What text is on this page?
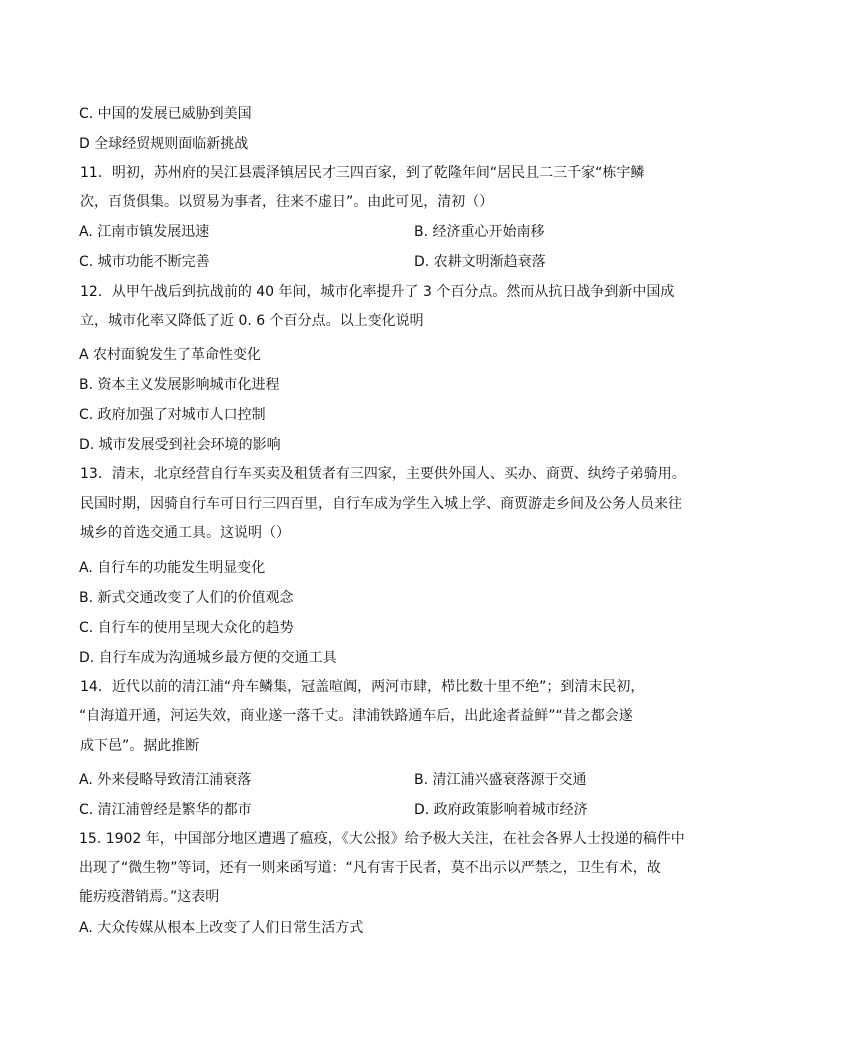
C. 中国的发展已威胁到美国
D 全球经贸规则面临新挑战
11．明初，苏州府的吴江县震泽镇居民才三四百家，到了乾隆年间“居民且二三千家“栋宇鳞
次，百货俱集。以贸易为事者，往来不虚日”。由此可见，清初（）
A. 江南市镇发展迅速	B. 经济重心开始南移
C. 城市功能不断完善	D. 农耕文明渐趋衰落
12．从甲午战后到抗战前的 40 年间，城市化率提升了 3 个百分点。然而从抗日战争到新中国成
立，城市化率又降低了近 0. 6 个百分点。以上变化说明
A 农村面貌发生了革命性变化
B. 资本主义发展影响城市化进程
C. 政府加强了对城市人口控制
D. 城市发展受到社会环境的影响
13．清末，北京经营自行车买卖及租赁者有三四家，主要供外国人、买办、商贾、纨绔子弟骑用。
民国时期，因骑自行车可日行三四百里，自行车成为学生入城上学、商贾游走乡间及公务人员来往
城乡的首选交通工具。这说明（）
A. 自行车的功能发生明显变化
B. 新式交通改变了人们的价值观念
C. 自行车的使用呈现大众化的趋势
D. 自行车成为沟通城乡最方便的交通工具
14．近代以前的清江浦“舟车鳞集，冠盖喧阗，两河市肆，栉比数十里不绝”；到清末民初，
“自海道开通，河运失效，商业遂一落千丈。津浦铁路通车后，出此途者益鲜”“昔之都会遂
成下邑”。据此推断
A. 外来侵略导致清江浦衰落	B. 清江浦兴盛衰落源于交通
C. 清江浦曾经是繁华的都市	D. 政府政策影响着城市经济
15. 1902 年，中国部分地区遭遇了瘟疫，《大公报》给予极大关注，在社会各界人士投递的稿件中
出现了“微生物”等词，还有一则来函写道：“凡有害于民者，莫不出示以严禁之，卫生有术，故
能疠疫潜销焉。”这表明
A. 大众传媒从根本上改变了人们日常生活方式
